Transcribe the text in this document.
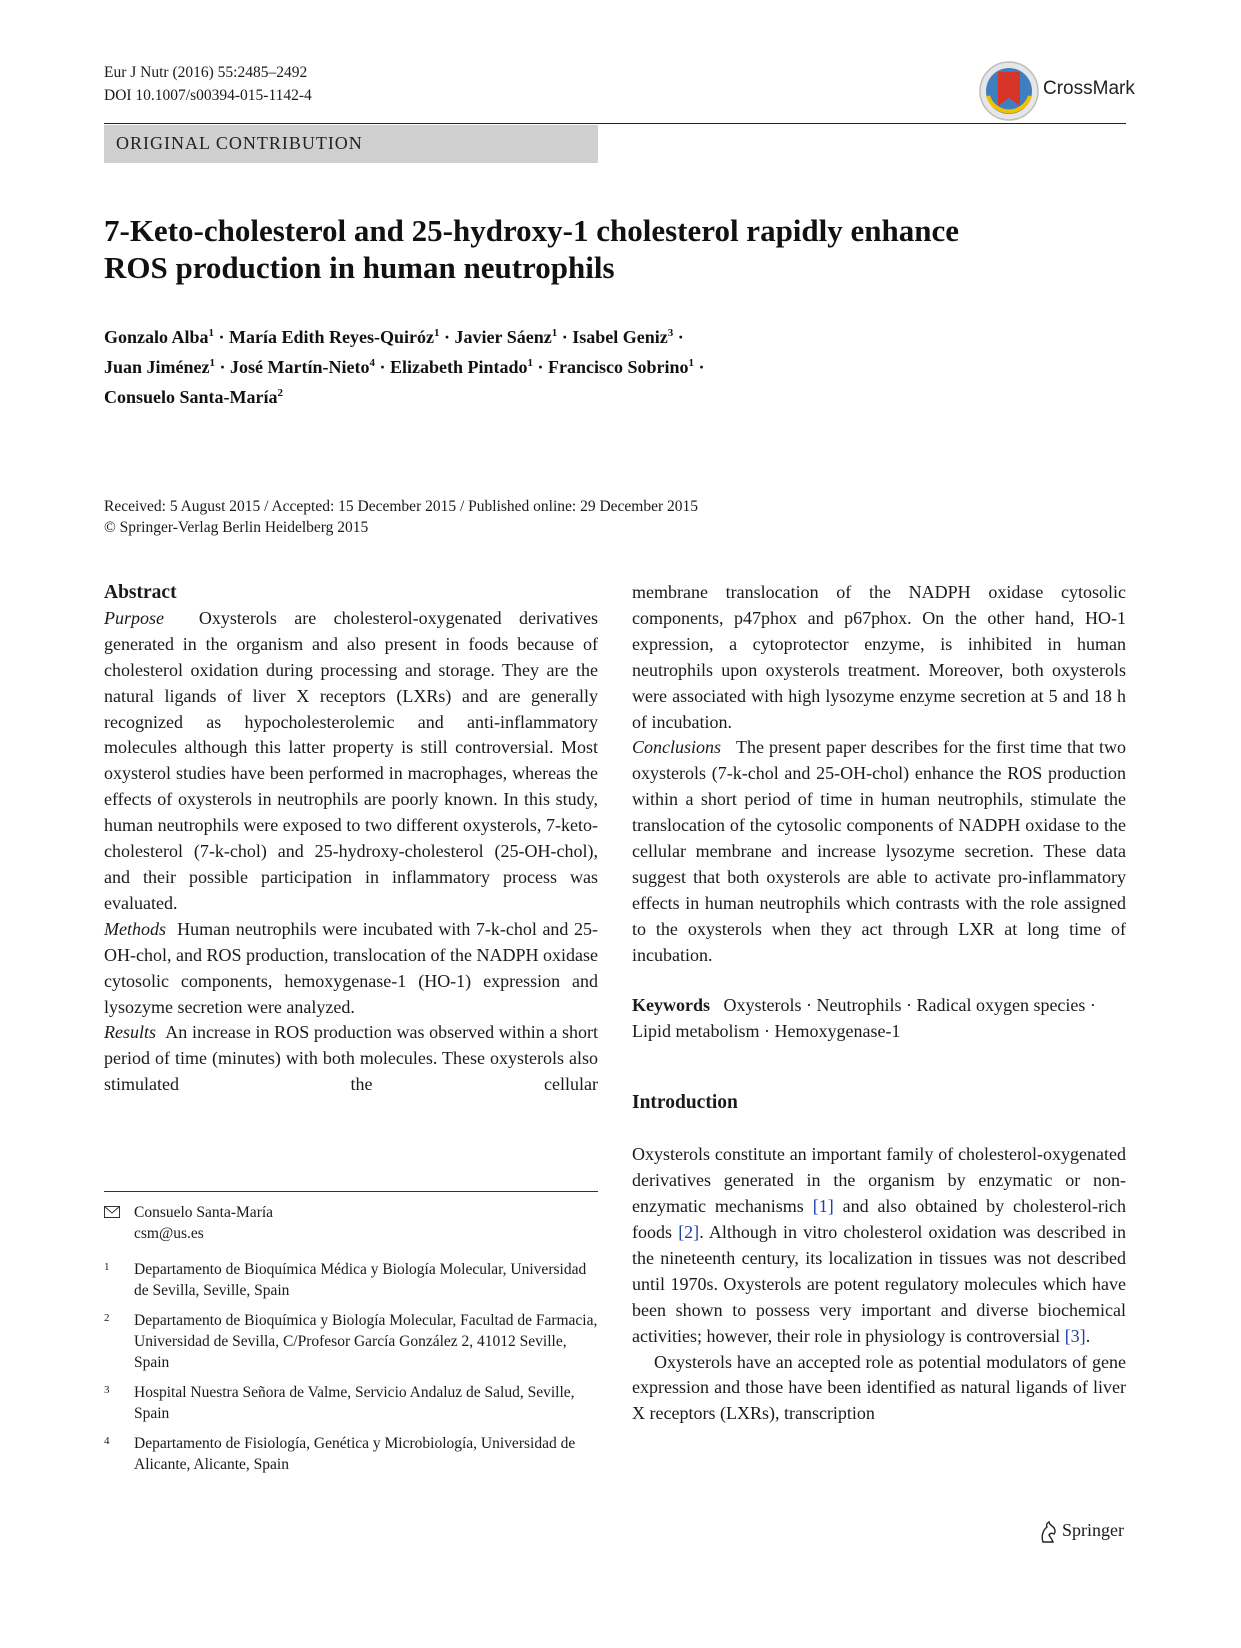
Eur J Nutr (2016) 55:2485–2492
DOI 10.1007/s00394-015-1142-4	CrossMark
ORIGINAL CONTRIBUTION
7-Keto-cholesterol and 25-hydroxy-1 cholesterol rapidly enhance
ROS production in human neutrophils
Gonzalo Alba$^1$ · María Edith Reyes-Quiróz$^1$ · Javier Sáenz$^1$ · Isabel Geniz$^3$ ·
Juan Jiménez$^1$ · José Martín-Nieto$^4$ · Elizabeth Pintado$^1$ · Francisco Sobrino$^1$ ·
Consuelo Santa-María$^2$
Received: 5 August 2015 / Accepted: 15 December 2015 / Published online: 29 December 2015
© Springer-Verlag Berlin Heidelberg 2015

Abstract

Purpose Oxysterols are cholesterol-oxygenated derivatives generated in the organism and also present in foods because of cholesterol oxidation during processing and storage. They are the natural ligands of liver X receptors (LXRs) and are generally recognized as hypocholesterolemic and anti-inflammatory molecules although this latter property is still controversial. Most oxysterol studies have been performed in macrophages, whereas the effects of oxysterols in neutrophils are poorly known. In this study, human neutrophils were exposed to two different oxysterols, 7-keto-cholesterol (7-k-chol) and 25-hydroxy-cholesterol (25-OH-chol), and their possible participation in inflammatory process was evaluated.

Methods Human neutrophils were incubated with 7-k-chol and 25-OH-chol, and ROS production, translocation of the NADPH oxidase cytosolic components, hemoxygenase-1 (HO-1) expression and lysozyme secretion were analyzed.

Results An increase in ROS production was observed within a short period of time (minutes) with both molecules. These oxysterols also stimulated the cellular

membrane translocation of the NADPH oxidase cytosolic components, p47phox and p67phox. On the other hand, HO-1 expression, a cytoprotector enzyme, is inhibited in human neutrophils upon oxysterols treatment. Moreover, both oxysterols were associated with high lysozyme enzyme secretion at 5 and 18 h of incubation.

Conclusions The present paper describes for the first time that two oxysterols (7-k-chol and 25-OH-chol) enhance the ROS production within a short period of time in human neutrophils, stimulate the translocation of the cytosolic components of NADPH oxidase to the cellular membrane and increase lysozyme secretion. These data suggest that both oxysterols are able to activate pro-inflammatory effects in human neutrophils which contrasts with the role assigned to the oxysterols when they act through LXR at long time of incubation.

Keywords Oxysterols · Neutrophils · Radical oxygen species · Lipid metabolism · Hemoxygenase-1

Introduction

Oxysterols constitute an important family of cholesterol-oxygenated derivatives generated in the organism by enzymatic or non-enzymatic mechanisms [1] and also obtained by cholesterol-rich foods [2]. Although in vitro cholesterol oxidation was described in the nineteenth century, its localization in tissues was not described until 1970s. Oxysterols are potent regulatory molecules which have been shown to possess very important and diverse biochemical activities; however, their role in physiology is controversial [3].

Oxysterols have an accepted role as potential modulators of gene expression and those have been identified as natural ligands of liver X receptors (LXRs), transcription

Consuelo Santa-María
csm@us.es
1 Departamento de Bioquímica Médica y Biología Molecular, Universidad de Sevilla, Seville, Spain
2 Departamento de Bioquímica y Biología Molecular, Facultad de Farmacia, Universidad de Sevilla, C/Profesor García González 2, 41012 Seville, Spain
3 Hospital Nuestra Señora de Valme, Servicio Andaluz de Salud, Seville, Spain
4 Departamento de Fisiología, Genética y Microbiología, Universidad de Alicante, Alicante, Spain
Springer
